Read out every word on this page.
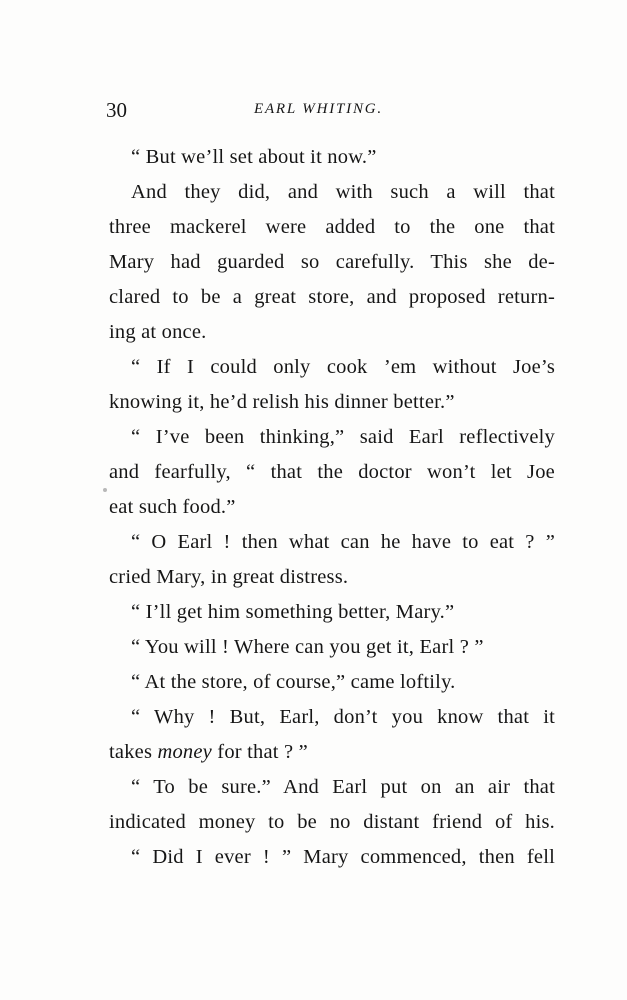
30	EARL WHITING.
“ But we’ll set about it now.”
And they did, and with such a will that
three mackerel were added to the one that
Mary had guarded so carefully. This she de-
clared to be a great store, and proposed return-
ing at once.
“ If I could only cook ’em without Joe’s
knowing it, he’d relish his dinner better.”
“ I’ve been thinking,” said Earl reflectively
and fearfully, “ that the doctor won’t let Joe
eat such food.”
“ O Earl ! then what can he have to eat ? ”
cried Mary, in great distress.
“ I’ll get him something better, Mary.”
“ You will ! Where can you get it, Earl ? ”
“ At the store, of course,” came loftily.
“ Why ! But, Earl, don’t you know that it
takes money for that ? ”
“ To be sure.” And Earl put on an air that
indicated money to be no distant friend of his.
“ Did I ever ! ” Mary commenced, then fell
